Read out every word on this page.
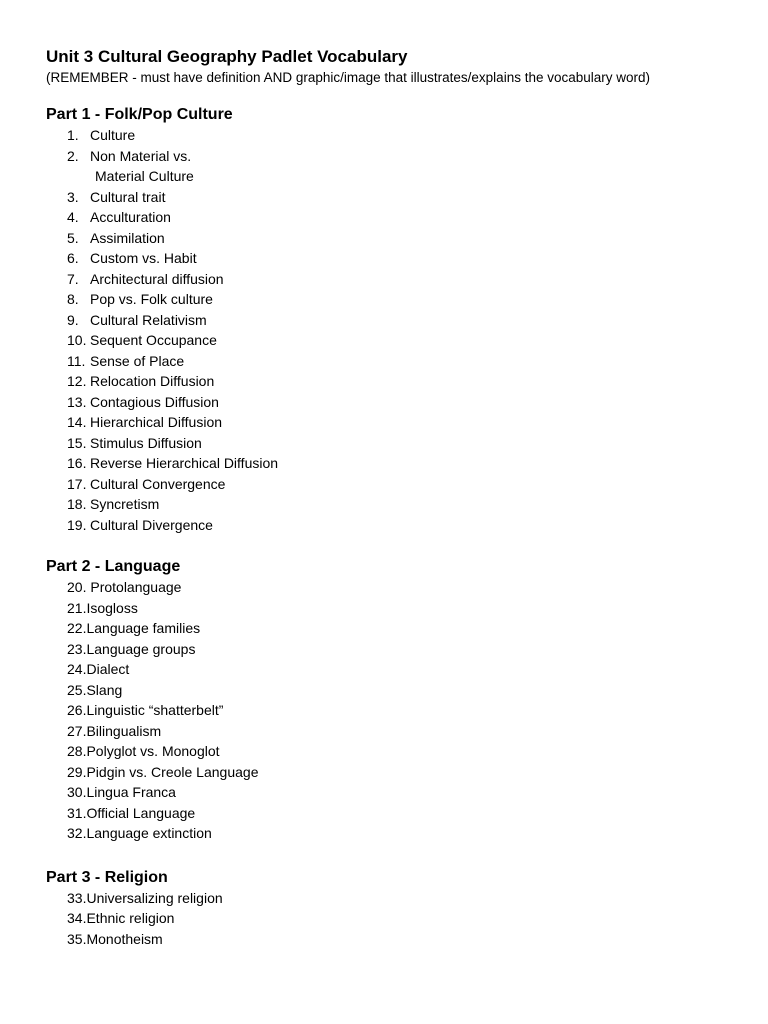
Unit 3 Cultural Geography Padlet Vocabulary

(REMEMBER - must have definition AND graphic/image that illustrates/explains the vocabulary word)

Part 1 - Folk/Pop Culture
1. Culture
2. Non Material vs.
Material Culture
3. Cultural trait
4. Acculturation
5. Assimilation
6. Custom vs. Habit
7. Architectural diffusion
8. Pop vs. Folk culture
9. Cultural Relativism
10. Sequent Occupance
11. Sense of Place
12. Relocation Diffusion
13. Contagious Diffusion
14. Hierarchical Diffusion
15. Stimulus Diffusion
16. Reverse Hierarchical Diffusion
17. Cultural Convergence
18. Syncretism
19. Cultural Divergence
Part 2 - Language
20. Protolanguage
21.Isogloss
22.Language families
23.Language groups
24.Dialect
25.Slang
26.Linguistic “shatterbelt”
27.Bilingualism
28.Polyglot vs. Monoglot
29.Pidgin vs. Creole Language
30.Lingua Franca
31.Official Language
32.Language extinction
Part 3 - Religion
33.Universalizing religion
34.Ethnic religion
35.Monotheism
